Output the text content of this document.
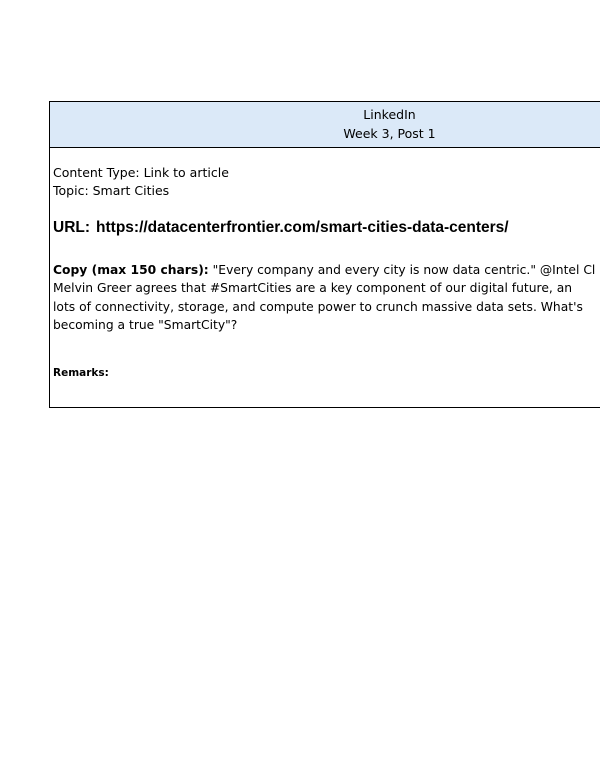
LinkedIn
Week 3, Post 1
Content Type: Link to article
Topic: Smart Cities
URL: https://datacenterfrontier.com/smart-cities-data-centers/
Copy (max 150 chars): "Every company and every city is now data centric." @Intel Cl
Melvin Greer agrees that #SmartCities are a key component of our digital future, an
lots of connectivity, storage, and compute power to crunch massive data sets. What's
becoming a true "SmartCity"?
Remarks:
